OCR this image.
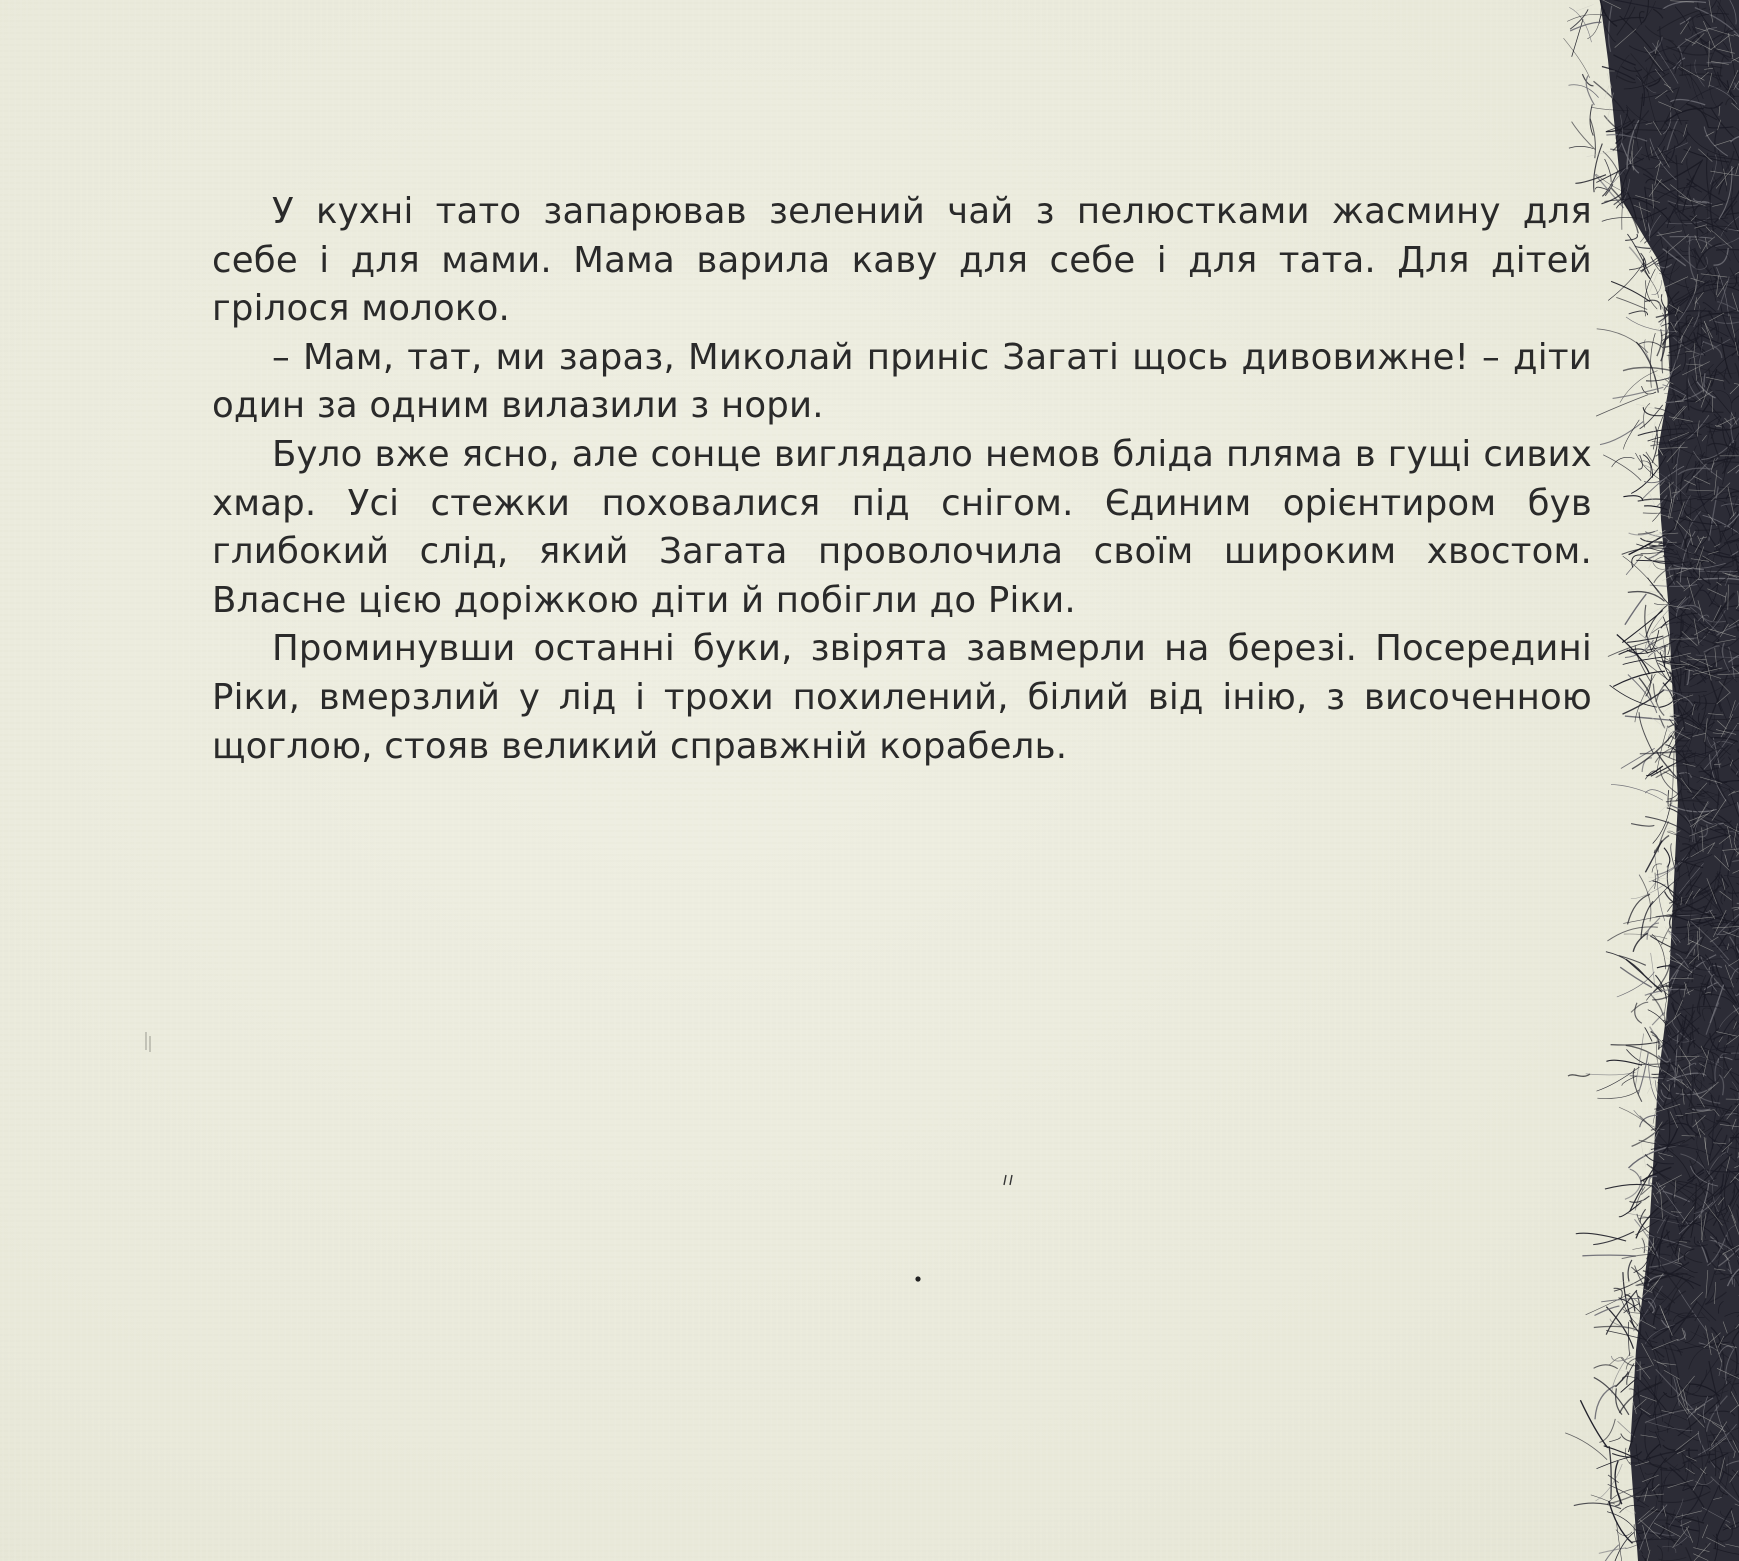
У кухні тато запарював зелений чай з пелюстками жасмину для себе і для мами. Мама варила каву для себе і для тата. Для дітей грілося молоко.

– Мам, тат, ми зараз, Миколай приніс Загаті щось дивовижне! – діти один за одним вилазили з нори.

Було вже ясно, але сонце виглядало немов бліда пляма в гущі сивих хмар. Усі стежки поховалися під снігом. Єдиним орієнтиром був глибокий слід, який Загата проволочила своїм широким хвостом. Власне цією доріжкою діти й побігли до Ріки.

Проминувши останні буки, звірята завмерли на березі. Посередині Ріки, вмерзлий у лід і трохи похилений, білий від інію, з височенною щоглою, стояв великий справжній корабель.
